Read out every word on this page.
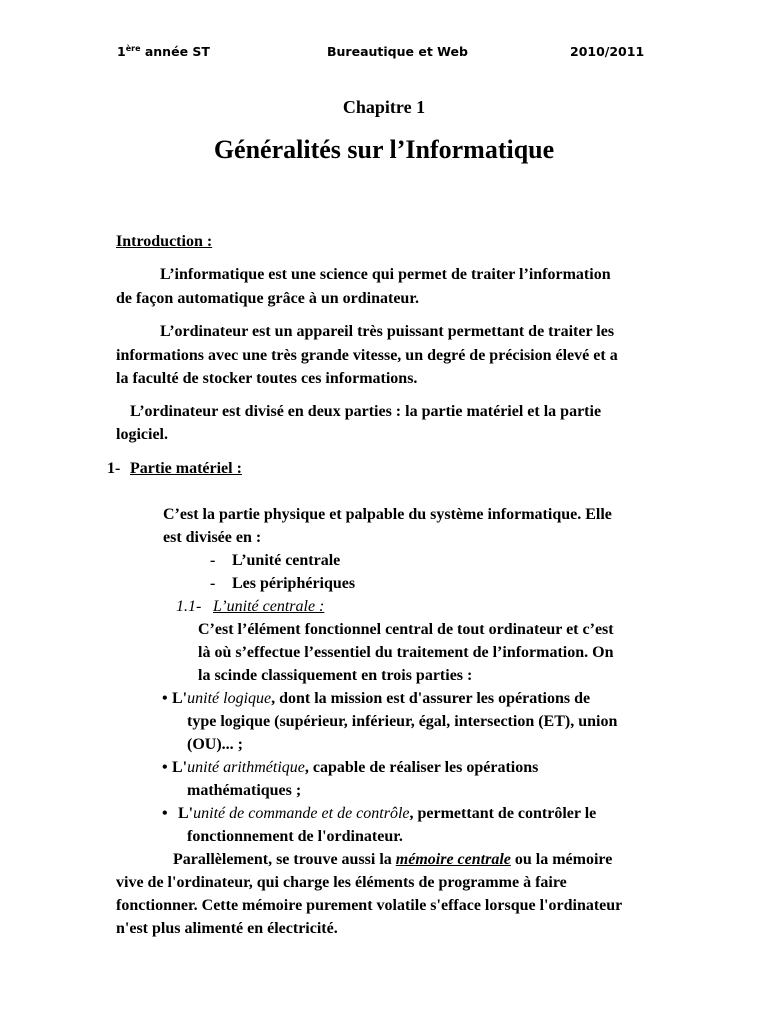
1ère année ST	Bureautique et Web	2010/2011
Chapitre 1
Généralités sur l’Informatique
Introduction :
L’informatique est une science qui permet de traiter l’information
de façon automatique grâce à un ordinateur.
L’ordinateur est un appareil très puissant permettant de traiter les
informations avec une très grande vitesse, un degré de précision élevé et a
la faculté de stocker toutes ces informations.
L’ordinateur est divisé en deux parties : la partie matériel et la partie
logiciel.
1- Partie matériel :
C’est la partie physique et palpable du système informatique. Elle
est divisée en :
- L’unité centrale
- Les périphériques
1.1- L’unité centrale :
C’est l’élément fonctionnel central de tout ordinateur et c’est
là où s’effectue l’essentiel du traitement de l’information. On
la scinde classiquement en trois parties :
• L'unité logique, dont la mission est d'assurer les opérations de
type logique (supérieur, inférieur, égal, intersection (ET), union
(OU)... ;
• L'unité arithmétique, capable de réaliser les opérations
mathématiques ;
• L'unité de commande et de contrôle, permettant de contrôler le
fonctionnement de l'ordinateur.
Parallèlement, se trouve aussi la mémoire centrale ou la mémoire
vive de l'ordinateur, qui charge les éléments de programme à faire
fonctionner. Cette mémoire purement volatile s'efface lorsque l'ordinateur
n'est plus alimenté en électricité.
